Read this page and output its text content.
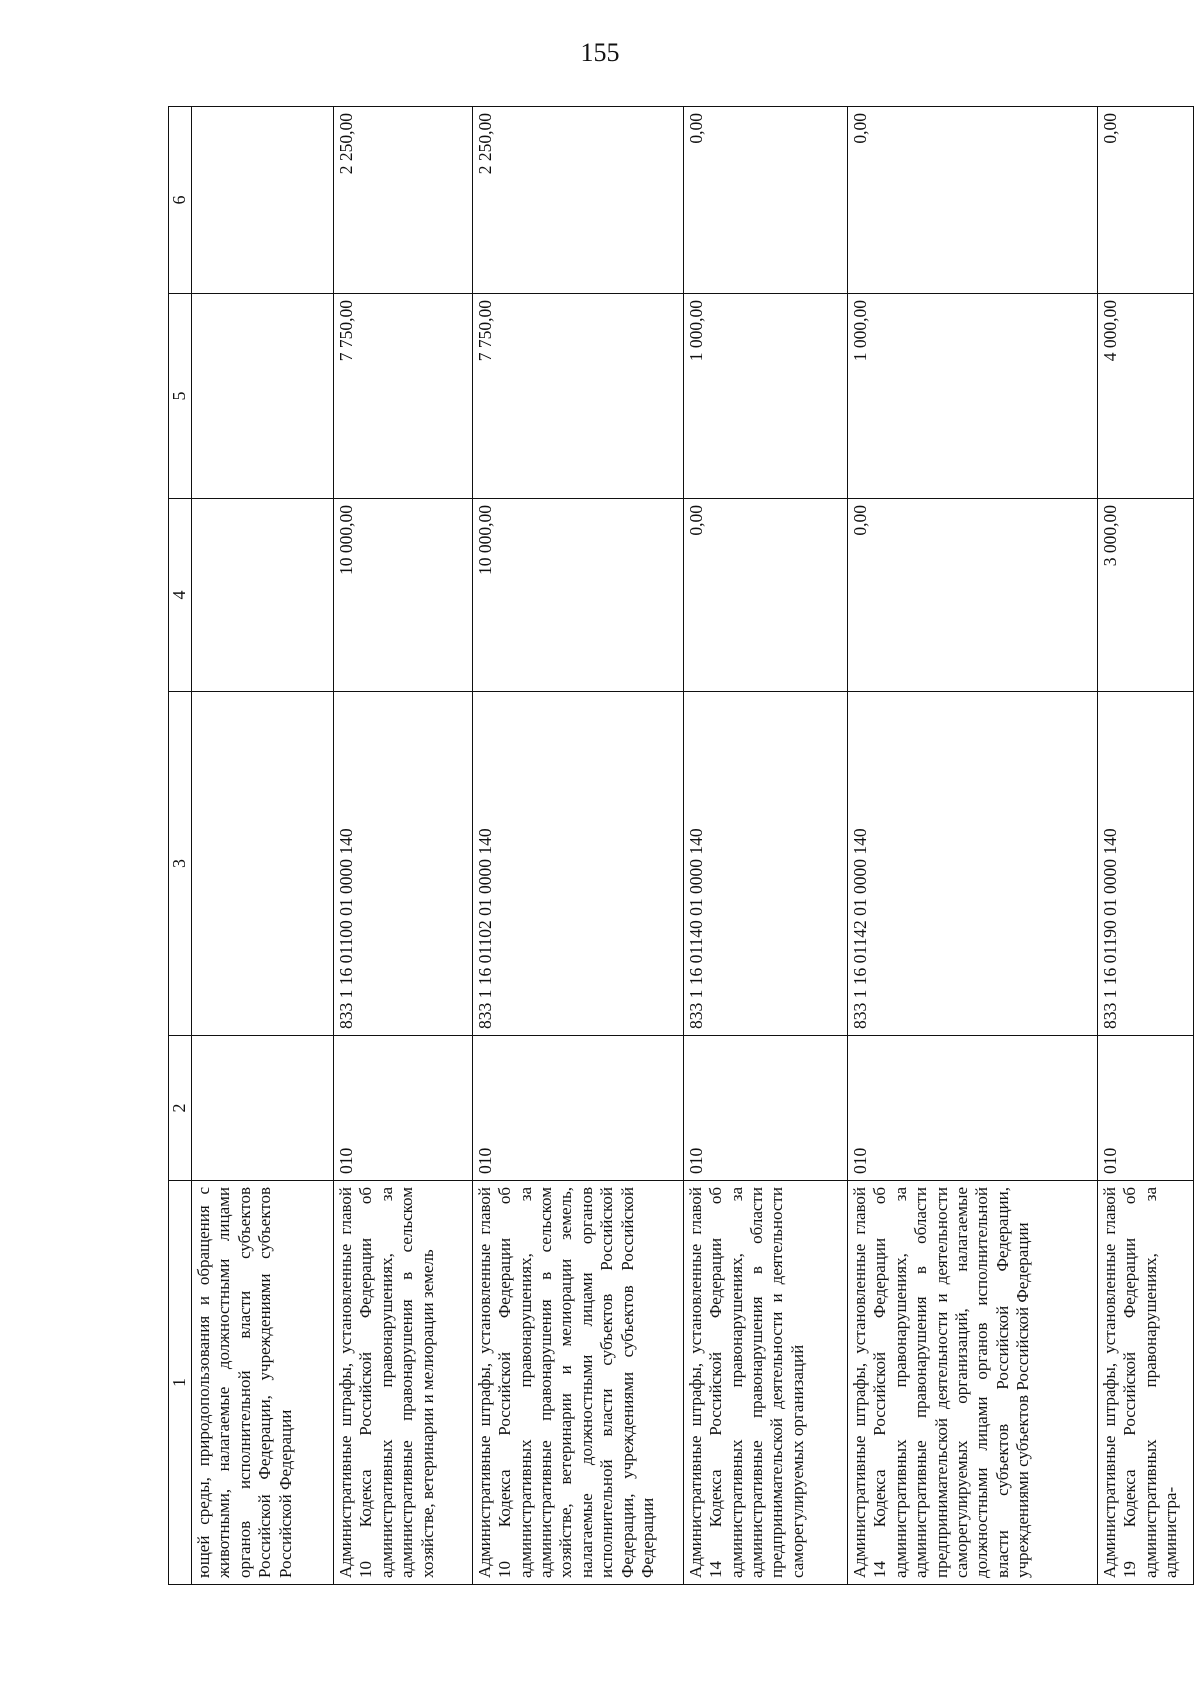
155
1	2	3	4	5	6
ющей среды, природопользования и обращения с животными, налагаемые должностными лицами органов исполнительной власти субъектов Российской Федерации, учреждениями субъектов Российской Федерации					
Административные штрафы, установленные главой 10 Кодекса Российской Федерации об административных правонарушениях, за административные правонарушения в сельском хозяйстве, ветеринарии и мелиорации земель	010	833 1 16 01100 01 0000 140	10 000,00	7 750,00	2 250,00
Административные штрафы, установленные главой 10 Кодекса Российской Федерации об административных правонарушениях, за административные правонарушения в сельском хозяйстве, ветеринарии и мелиорации земель, налагаемые должностными лицами органов исполнительной власти субъектов Российской Федерации, учреждениями субъектов Российской Федерации	010	833 1 16 01102 01 0000 140	10 000,00	7 750,00	2 250,00
Административные штрафы, установленные главой 14 Кодекса Российской Федерации об административных правонарушениях, за административные правонарушения в области предпринимательской деятельности и деятельности саморегулируемых организаций	010	833 1 16 01140 01 0000 140	0,00	1 000,00	0,00
Административные штрафы, установленные главой 14 Кодекса Российской Федерации об административных правонарушениях, за административные правонарушения в области предпринимательской деятельности и деятельности саморегулируемых организаций, налагаемые должностными лицами органов исполнительной власти субъектов Российской Федерации, учреждениями субъектов Российской Федерации	010	833 1 16 01142 01 0000 140	0,00	1 000,00	0,00
Административные штрафы, установленные главой 19 Кодекса Российской Федерации об административных правонарушениях, за администра-	010	833 1 16 01190 01 0000 140	3 000,00	4 000,00	0,00
